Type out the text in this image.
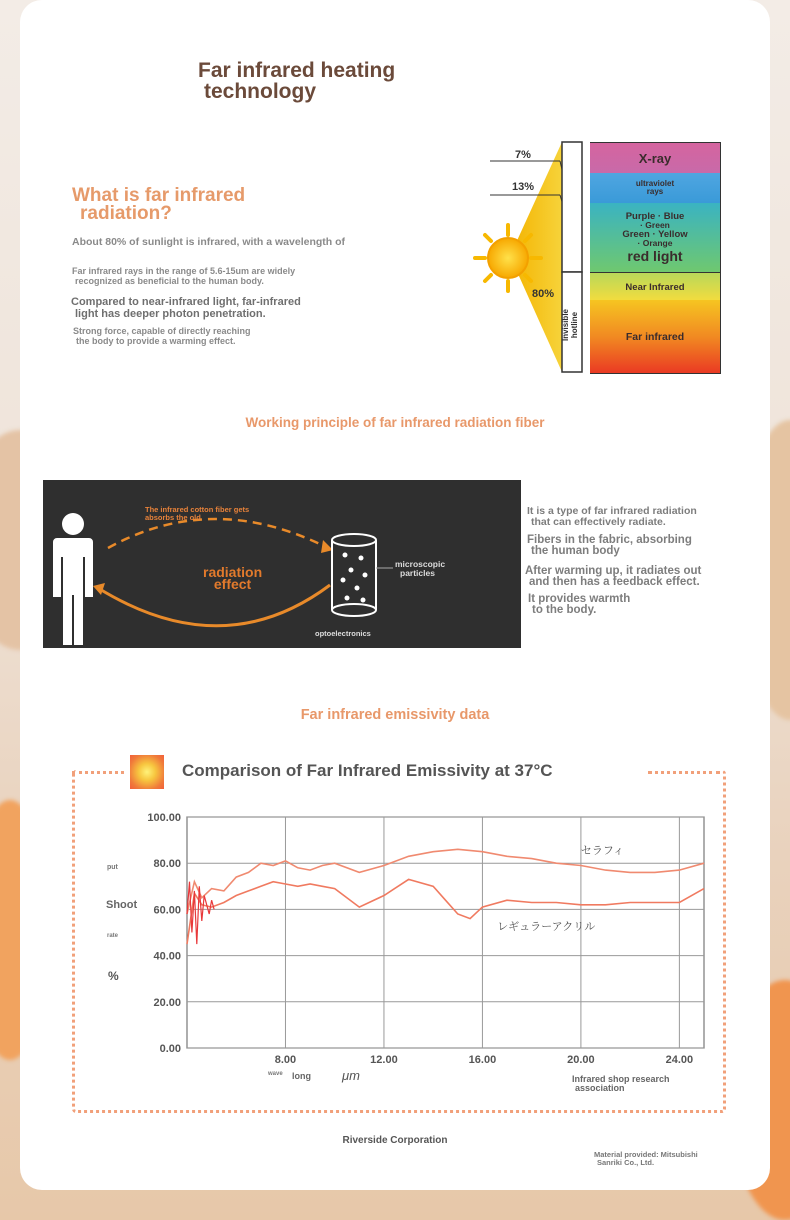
Far infrared heating
technology
What is far infrared
radiation?
About 80% of sunlight is infrared, with a wavelength of
Far infrared rays in the range of 5.6-15um are widely
recognized as beneficial to the human body.
Compared to near-infrared light, far-infrared
light has deeper photon penetration.
Strong force, capable of directly reaching
the body to provide a warming effect.
7%
13%
80%
Invisible hotline
X-ray
ultraviolet
rays
Purple · Blue
· Green
Green · Yellow
· Orange
red light
Near Infrared
Far infrared
Working principle of far infrared radiation fiber
The infrared cotton fiber gets
absorbs the old
radiation
effect
microscopic
particles
optoelectronics
It is a type of far infrared radiation
that can effectively radiate.
Fibers in the fabric, absorbing
the human body
After warming up, it radiates out
and then has a feedback effect.
It provides warmth
to the body.
Far infrared emissivity data
Comparison of Far Infrared Emissivity at 37°C
100.00
80.00
60.00
40.00
20.00
0.00
8.00	12.00	16.00	20.00	24.00
セラフィ
レギュラーアクリル
put
Shoot
rate
%
wave long μm	Infrared shop research
association
Riverside Corporation
Material provided: Mitsubishi
Sanriki Co., Ltd.
